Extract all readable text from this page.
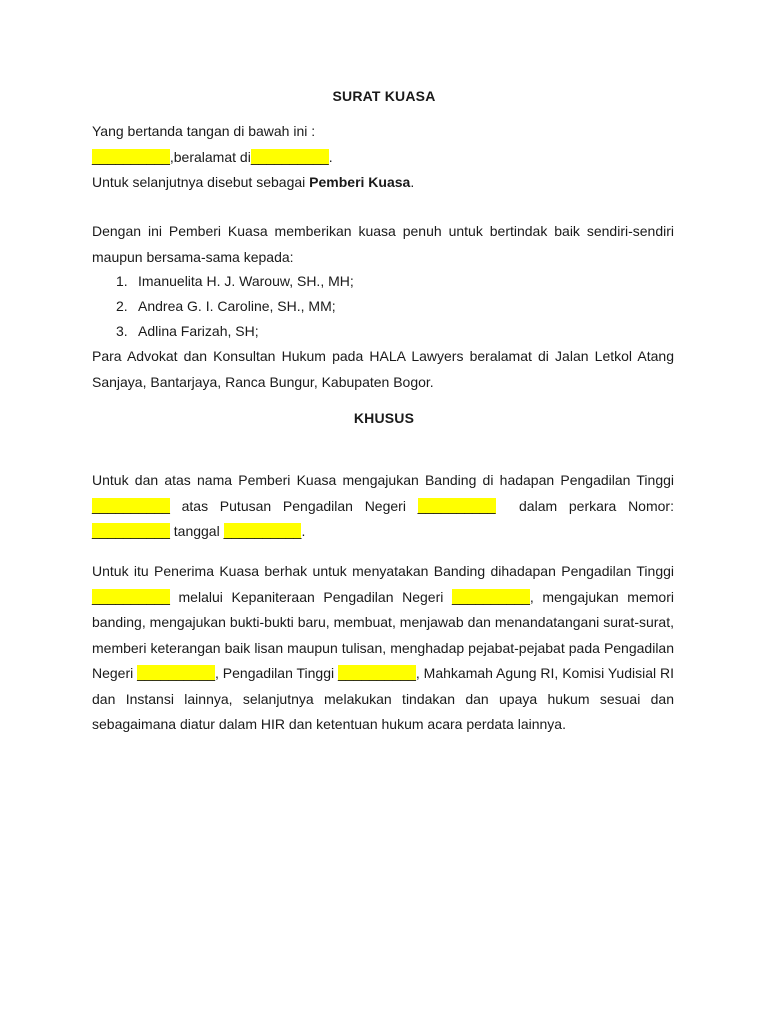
SURAT KUASA
Yang bertanda tangan di bawah ini :
__________,beralamat di__________.
Untuk selanjutnya disebut sebagai Pemberi Kuasa.
Dengan ini Pemberi Kuasa memberikan kuasa penuh untuk bertindak baik sendiri-sendiri maupun bersama-sama kepada:
1. Imanuelita H. J. Warouw, SH., MH;
2. Andrea G. I. Caroline, SH., MM;
3. Adlina Farizah, SH;
Para Advokat dan Konsultan Hukum pada HALA Lawyers beralamat di Jalan Letkol Atang Sanjaya, Bantarjaya, Ranca Bungur, Kabupaten Bogor.
KHUSUS
Untuk dan atas nama Pemberi Kuasa mengajukan Banding di hadapan Pengadilan Tinggi __________ atas Putusan Pengadilan Negeri __________  dalam perkara Nomor: __________ tanggal __________.
Untuk itu Penerima Kuasa berhak untuk menyatakan Banding dihadapan Pengadilan Tinggi __________ melalui Kepaniteraan Pengadilan Negeri __________, mengajukan memori banding, mengajukan bukti-bukti baru, membuat, menjawab dan menandatangani surat-surat, memberi keterangan baik lisan maupun tulisan, menghadap pejabat-pejabat pada Pengadilan Negeri __________, Pengadilan Tinggi __________, Mahkamah Agung RI, Komisi Yudisial RI dan Instansi lainnya, selanjutnya melakukan tindakan dan upaya hukum sesuai dan sebagaimana diatur dalam HIR dan ketentuan hukum acara perdata lainnya.
